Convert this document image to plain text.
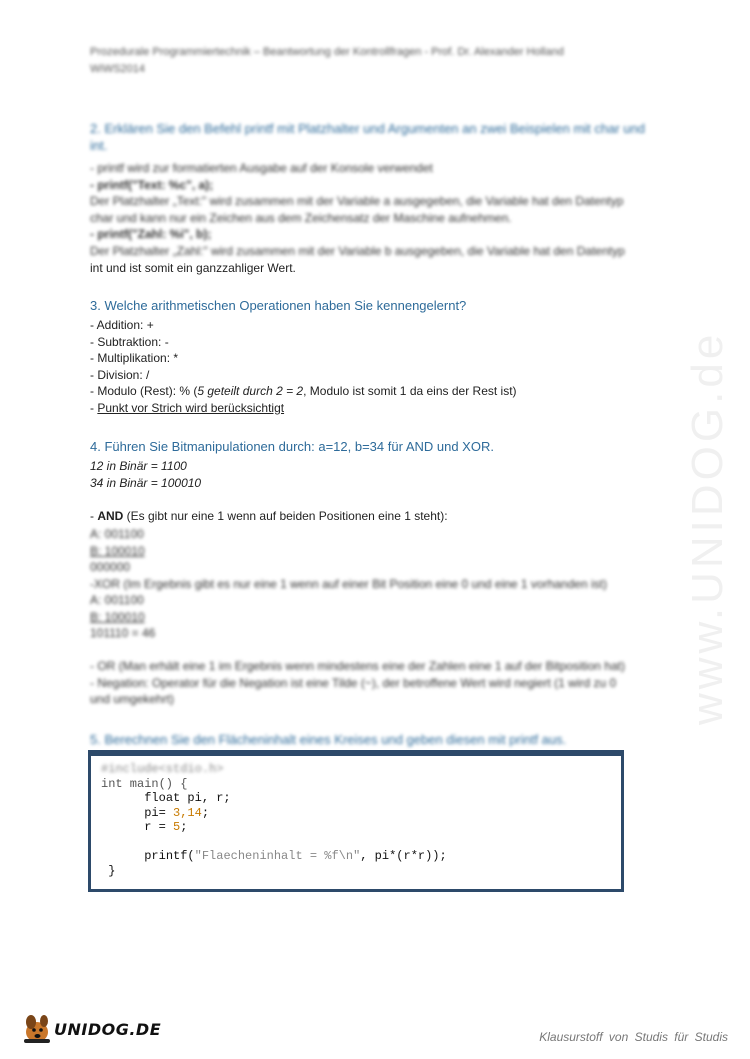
www.UNIDOG.de
Prozedurale Programmiertechnik – Beantwortung der Kontrollfragen - Prof. Dr. Alexander Holland
WiWS2014
2. Erklären Sie den Befehl printf mit Platzhalter und Argumenten an zwei Beispielen mit char und int.
- printf wird zur formatierten Ausgabe auf der Konsole verwendet
- printf("Text: %c", a);
Der Platzhalter „Text:" wird zusammen mit der Variable a ausgegeben, die Variable hat den Datentyp
char und kann nur ein Zeichen aus dem Zeichensatz der Maschine aufnehmen.
- printf("Zahl: %i", b);
Der Platzhalter „Zahl:" wird zusammen mit der Variable b ausgegeben, die Variable hat den Datentyp
int und ist somit ein ganzzahliger Wert.
3. Welche arithmetischen Operationen haben Sie kennengelernt?
- Addition: +
- Subtraktion: -
- Multiplikation: *
- Division: /
- Modulo (Rest): % (5 geteilt durch 2 = 2, Modulo ist somit 1 da eins der Rest ist)
- Punkt vor Strich wird berücksichtigt
4. Führen Sie Bitmanipulationen durch: a=12, b=34 für AND und XOR.
12 in Binär = 1100
34 in Binär = 100010
- AND (Es gibt nur eine 1 wenn auf beiden Positionen eine 1 steht):
A: 001100
B: 100010
000000
-XOR (Im Ergebnis gibt es nur eine 1 wenn auf einer Bit Position eine 0 und eine 1 vorhanden ist)
A: 001100
B: 100010
101110 = 46

- OR (Man erhält eine 1 im Ergebnis wenn mindestens eine der Zahlen eine 1 auf der Bitposition hat)
- Negation: Operator für die Negation ist eine Tilde (~), der betroffene Wert wird negiert (1 wird zu 0
und umgekehrt)
5. Berechnen Sie den Flächeninhalt eines Kreises und geben diesen mit printf aus.
#include<stdio.h>
int main() {
float pi, r;
pi= 3,14;
r = 5;

printf("Flaecheninhalt = %f\n", pi*(r*r));
}
UNIDOG.DE	Klausurstoff von Studis für Studis
